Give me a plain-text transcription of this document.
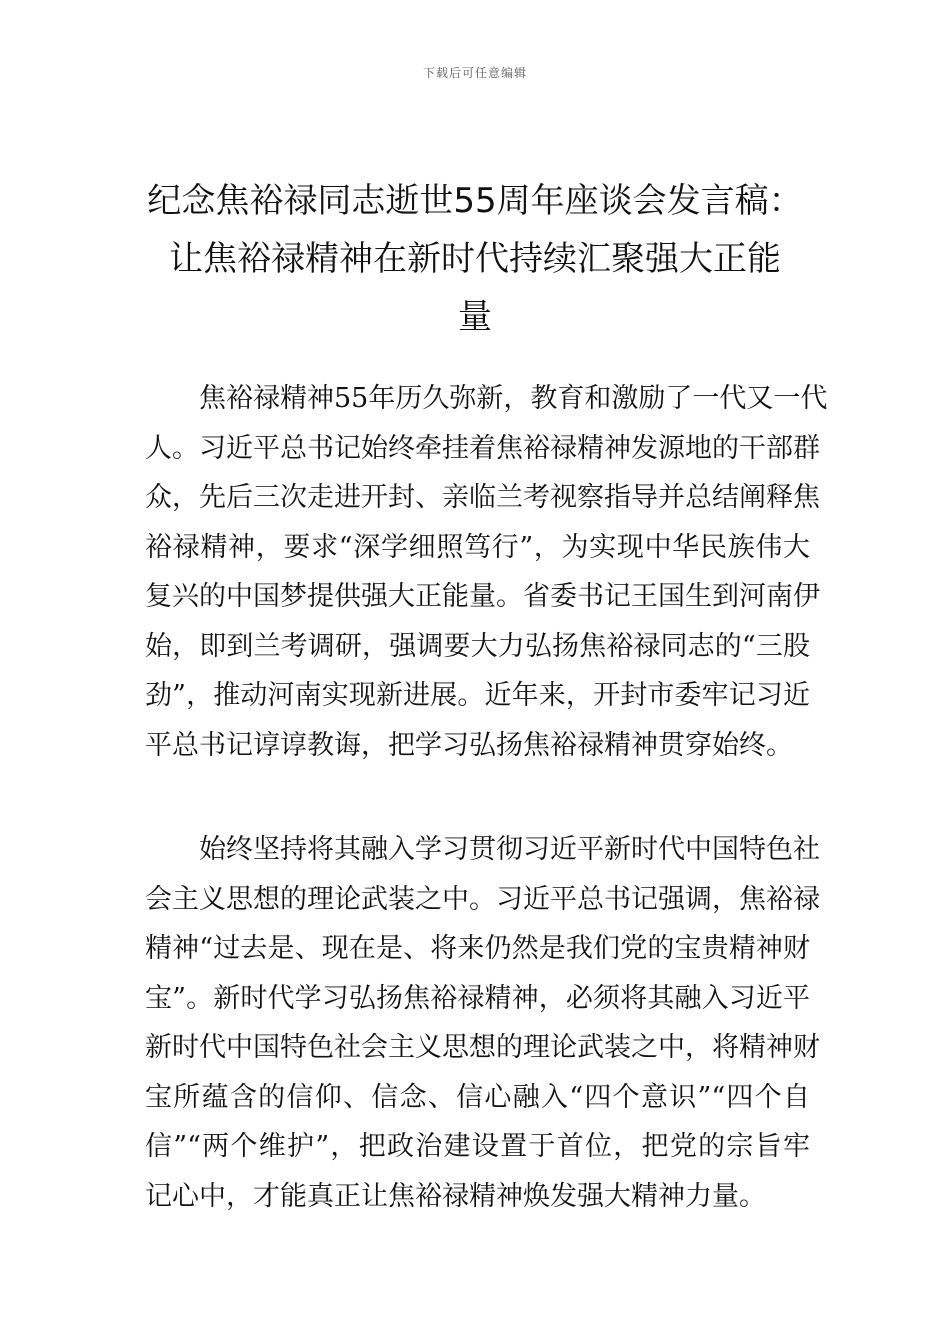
下载后可任意编辑
纪念焦裕禄同志逝世55周年座谈会发言稿：
让焦裕禄精神在新时代持续汇聚强大正能
量

焦裕禄精神55年历久弥新，教育和激励了一代又一代
人。习近平总书记始终牵挂着焦裕禄精神发源地的干部群
众，先后三次走进开封、亲临兰考视察指导并总结阐释焦
裕禄精神，要求“深学细照笃行”，为实现中华民族伟大
复兴的中国梦提供强大正能量。省委书记王国生到河南伊
始，即到兰考调研，强调要大力弘扬焦裕禄同志的“三股
劲”，推动河南实现新进展。近年来，开封市委牢记习近
平总书记谆谆教诲，把学习弘扬焦裕禄精神贯穿始终。

始终坚持将其融入学习贯彻习近平新时代中国特色社
会主义思想的理论武装之中。习近平总书记强调，焦裕禄
精神“过去是、现在是、将来仍然是我们党的宝贵精神财
宝”。新时代学习弘扬焦裕禄精神，必须将其融入习近平
新时代中国特色社会主义思想的理论武装之中，将精神财
宝所蕴含的信仰、信念、信心融入“四个意识”“四个自
信”“两个维护”，把政治建设置于首位，把党的宗旨牢
记心中，才能真正让焦裕禄精神焕发强大精神力量。
